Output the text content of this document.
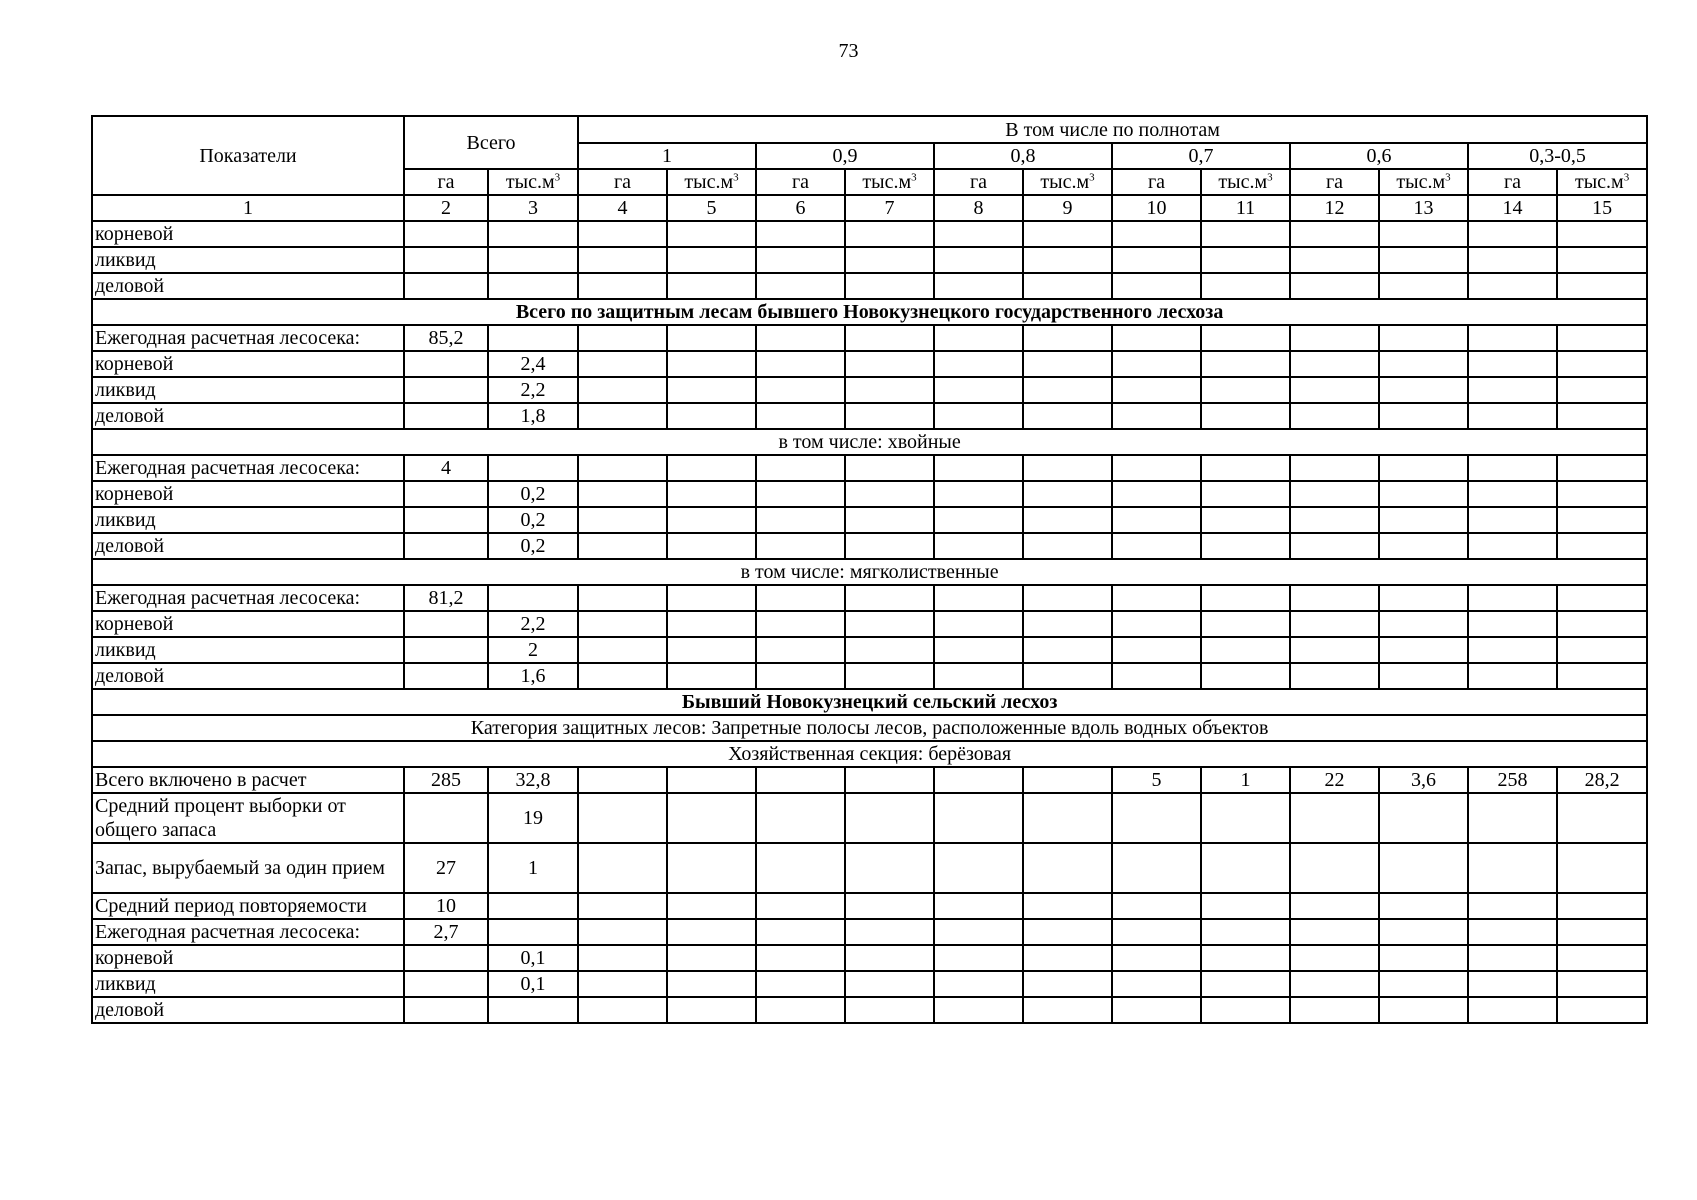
73
Показатели	Всего		В том числе по полнотам											
			1		0,9		0,8		0,7		0,6		0,3-0,5	
	га	$тыс.м^3$	га	$тыс.м^3$	га	$тыс.м^3$	га	$тыс.м^3$	га	$тыс.м^3$	га	$тыс.м^3$	га	$тыс.м^3$
1	2	3	4	5	6	7	8	9	10	11	12	13	14	15
корневой														
ликвид														
деловой														
Всего по защитным лесам бывшего Новокузнецкого государственного лесхоза														
Ежегодная расчетная лесосека:	85,2													
корневой		2,4												
ликвид		2,2												
деловой		1,8												
в том числе: хвойные														
Ежегодная расчетная лесосека:	4													
корневой		0,2												
ликвид		0,2												
деловой		0,2												
в том числе: мягколиственные														
Ежегодная расчетная лесосека:	81,2													
корневой		2,2												
ликвид		2												
деловой		1,6												
Бывший Новокузнецкий сельский лесхоз														
Категория защитных лесов: Запретные полосы лесов, расположенные вдоль водных объектов														
Хозяйственная секция: берёзовая														
Всего включено в расчет	285	32,8							5	1	22	3,6	258	28,2
Средний процент выборки от общего запаса		19												
Запас, вырубаемый за один прием	27	1												
Средний период повторяемости	10													
Ежегодная расчетная лесосека:	2,7													
корневой		0,1												
ликвид		0,1												
деловой														
